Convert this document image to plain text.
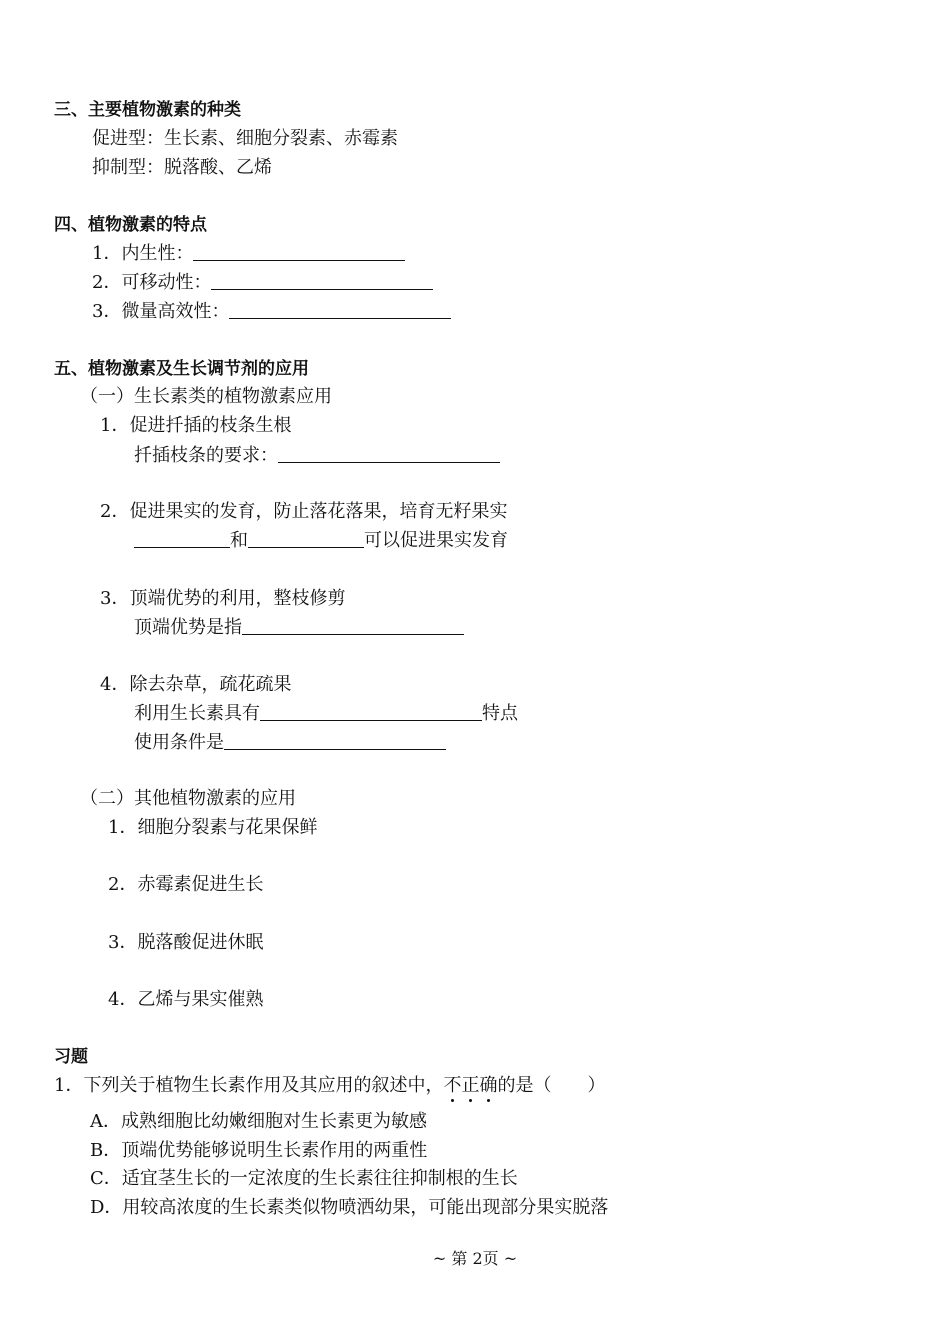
三、主要植物激素的种类
促进型：生长素、细胞分裂素、赤霉素
抑制型：脱落酸、乙烯
四、植物激素的特点
1．内生性：
2．可移动性：
3．微量高效性：
五、植物激素及生长调节剂的应用
（一）生长素类的植物激素应用
1．促进扦插的枝条生根
扦插枝条的要求：
2．促进果实的发育，防止落花落果，培育无籽果实
和	可以促进果实发育
3．顶端优势的利用，整枝修剪
顶端优势是指
4．除去杂草，疏花疏果
利用生长素具有	特点
使用条件是
（二）其他植物激素的应用
1．细胞分裂素与花果保鲜
2．赤霉素促进生长
3．脱落酸促进休眠
4．乙烯与果实催熟
习题
1．下列关于植物生长素作用及其应用的叙述中，不正确的是（　　）
A．成熟细胞比幼嫩细胞对生长素更为敏感
B．顶端优势能够说明生长素作用的两重性
C．适宜茎生长的一定浓度的生长素往往抑制根的生长
D．用较高浓度的生长素类似物喷洒幼果，可能出现部分果实脱落
~ 第 2页 ~
